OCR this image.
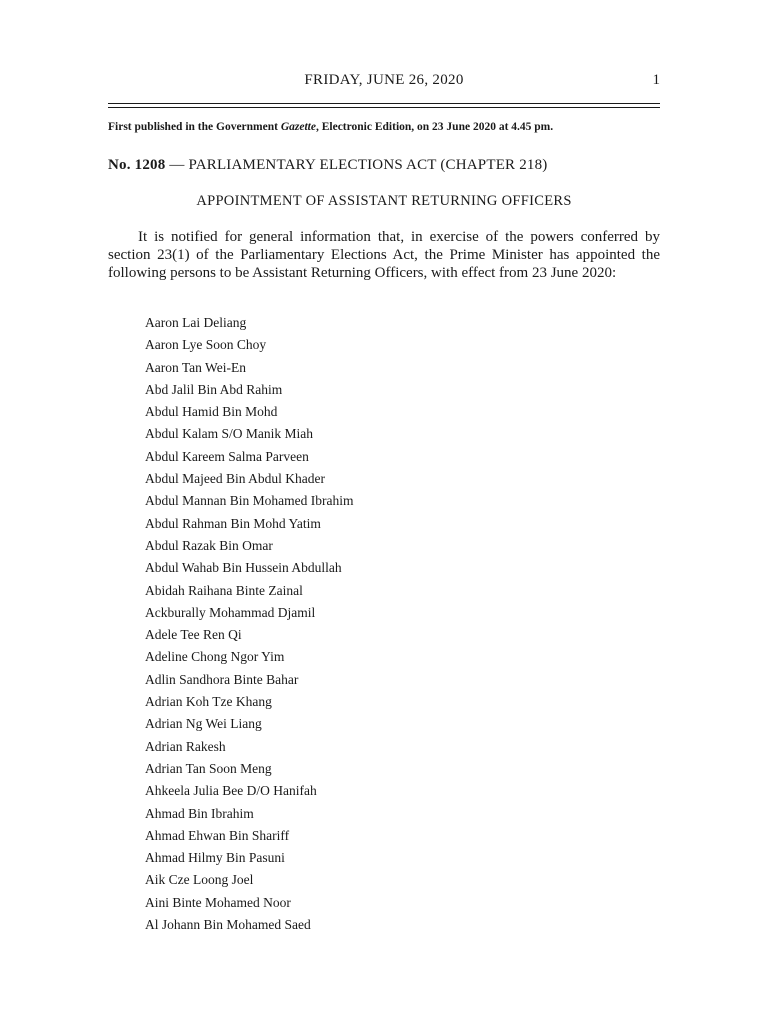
FRIDAY, JUNE 26, 2020	1
First published in the Government Gazette, Electronic Edition, on 23 June 2020 at 4.45 pm.
No. 1208 — PARLIAMENTARY ELECTIONS ACT (CHAPTER 218)
APPOINTMENT OF ASSISTANT RETURNING OFFICERS
It is notified for general information that, in exercise of the powers conferred by section 23(1) of the Parliamentary Elections Act, the Prime Minister has appointed the following persons to be Assistant Returning Officers, with effect from 23 June 2020:
Aaron Lai Deliang
Aaron Lye Soon Choy
Aaron Tan Wei-En
Abd Jalil Bin Abd Rahim
Abdul Hamid Bin Mohd
Abdul Kalam S/O Manik Miah
Abdul Kareem Salma Parveen
Abdul Majeed Bin Abdul Khader
Abdul Mannan Bin Mohamed Ibrahim
Abdul Rahman Bin Mohd Yatim
Abdul Razak Bin Omar
Abdul Wahab Bin Hussein Abdullah
Abidah Raihana Binte Zainal
Ackburally Mohammad Djamil
Adele Tee Ren Qi
Adeline Chong Ngor Yim
Adlin Sandhora Binte Bahar
Adrian Koh Tze Khang
Adrian Ng Wei Liang
Adrian Rakesh
Adrian Tan Soon Meng
Ahkeela Julia Bee D/O Hanifah
Ahmad Bin Ibrahim
Ahmad Ehwan Bin Shariff
Ahmad Hilmy Bin Pasuni
Aik Cze Loong Joel
Aini Binte Mohamed Noor
Al Johann Bin Mohamed Saed
